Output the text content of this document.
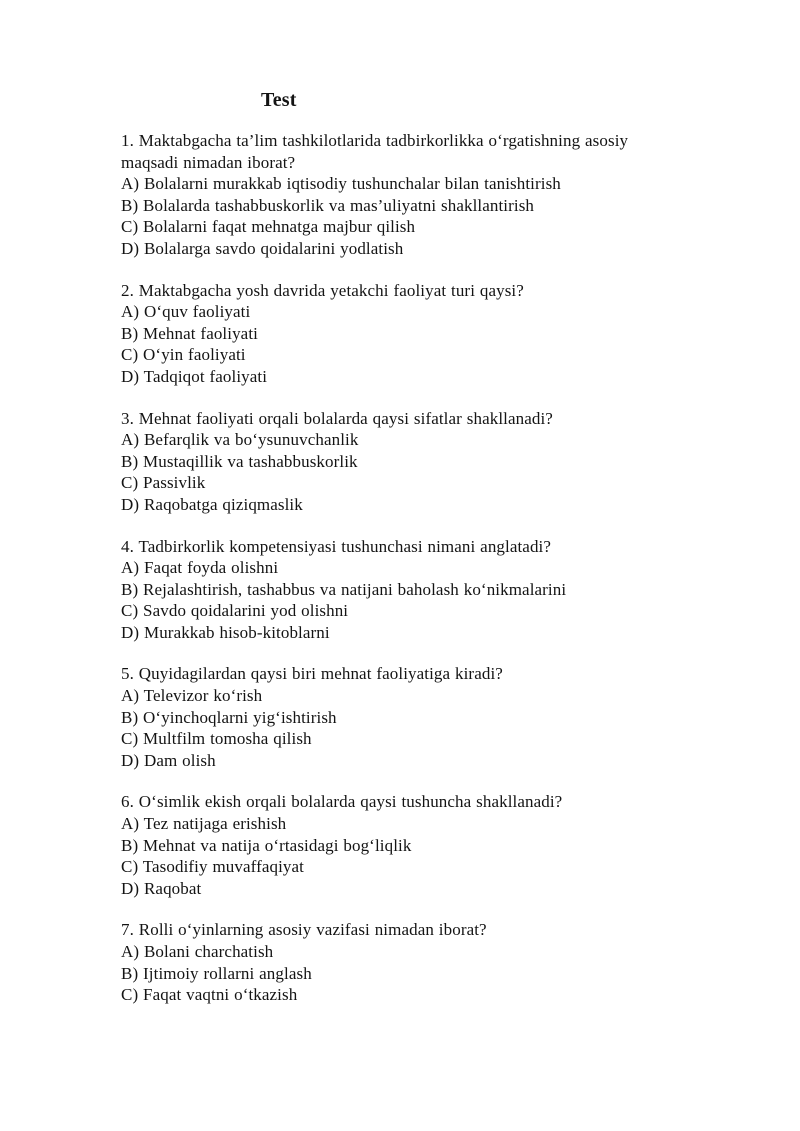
Test

1. Maktabgacha ta’lim tashkilotlarida tadbirkorlikka o‘rgatishning asosiy maqsadi nimadan iborat?

A) Bolalarni murakkab iqtisodiy tushunchalar bilan tanishtirish

B) Bolalarda tashabbuskorlik va mas’uliyatni shakllantirish

C) Bolalarni faqat mehnatga majbur qilish

D) Bolalarga savdo qoidalarini yodlatish

2. Maktabgacha yosh davrida yetakchi faoliyat turi qaysi?

A) O‘quv faoliyati

B) Mehnat faoliyati

C) O‘yin faoliyati

D) Tadqiqot faoliyati

3. Mehnat faoliyati orqali bolalarda qaysi sifatlar shakllanadi?

A) Befarqlik va bo‘ysunuvchanlik

B) Mustaqillik va tashabbuskorlik

C) Passivlik

D) Raqobatga qiziqmaslik

4. Tadbirkorlik kompetensiyasi tushunchasi nimani anglatadi?

A) Faqat foyda olishni

B) Rejalashtirish, tashabbus va natijani baholash ko‘nikmalarini

C) Savdo qoidalarini yod olishni

D) Murakkab hisob-kitoblarni

5. Quyidagilardan qaysi biri mehnat faoliyatiga kiradi?

A) Televizor ko‘rish

B) O‘yinchoqlarni yig‘ishtirish

C) Multfilm tomosha qilish

D) Dam olish

6. O‘simlik ekish orqali bolalarda qaysi tushuncha shakllanadi?

A) Tez natijaga erishish

B) Mehnat va natija o‘rtasidagi bog‘liqlik

C) Tasodifiy muvaffaqiyat

D) Raqobat

7. Rolli o‘yinlarning asosiy vazifasi nimadan iborat?

A) Bolani charchatish

B) Ijtimoiy rollarni anglash

C) Faqat vaqtni o‘tkazish
